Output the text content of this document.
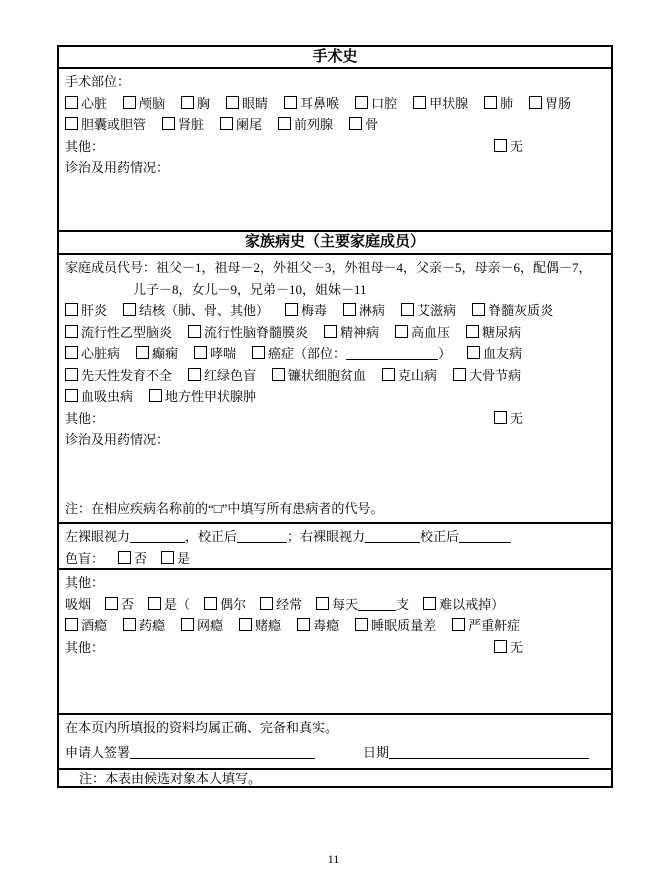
手术史
手术部位：
心脏	颅脑	胸	眼睛	耳鼻喉	口腔	甲状腺	肺	胃肠
胆囊或胆管	肾脏	阑尾	前列腺	骨
其他：	无
诊治及用药情况：
家族病史（主要家庭成员）
家庭成员代号：祖父－1，祖母－2，外祖父－3，外祖母－4，父亲－5，母亲－6，配偶－7，
儿子－8，女儿－9，兄弟－10，姐妹－11
肝炎	结核（肺、骨、其他）	梅毒	淋病	艾滋病	脊髓灰质炎
流行性乙型脑炎	流行性脑脊髓膜炎	精神病	高血压	糖尿病
心脏病	癫痫	哮喘	癌症（部位：	）	血友病
先天性发育不全	红绿色盲	镰状细胞贫血	克山病	大骨节病
血吸虫病	地方性甲状腺肿
其他：	无
诊治及用药情况：
注：在相应疾病名称前的“□”中填写所有患病者的代号。
左裸眼视力	，校正后	；右裸眼视力	校正后
色盲： 否 是
其他：
吸烟 否 是（ 偶尔 经常 每天	支 难以戒掉）
酒瘾	药瘾	网瘾	赌瘾	毒瘾	睡眠质量差	严重鼾症
其他：	无
在本页内所填报的资料均属正确、完备和真实。
申请人签署	日期
注：本表由候选对象本人填写。
11
